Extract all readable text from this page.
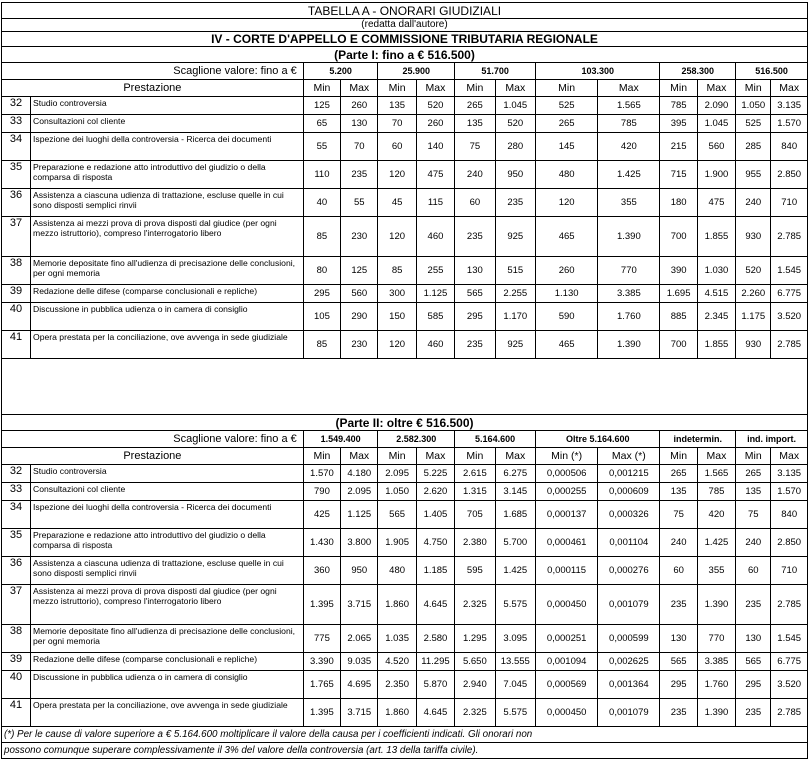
TABELLA A - ONORARI GIUDIZIALI													
(redatta dall'autore)													
IV - CORTE D'APPELLO E COMMISSIONE TRIBUTARIA REGIONALE													
(Parte I: fino a € 516.500)													
Scaglione valore: fino a €		5.200		25.900		51.700		103.300		258.300		516.500	
Prestazione		Min	Max	Min	Max	Min	Max	Min	Max	Min	Max	Min	Max
32	Studio controversia	125	260	135	520	265	1.045	525	1.565	785	2.090	1.050	3.135
33	Consultazioni col cliente	65	130	70	260	135	520	265	785	395	1.045	525	1.570
34	Ispezione dei luoghi della controversia - Ricerca dei documenti	55	70	60	140	75	280	145	420	215	560	285	840
35	Preparazione e redazione atto introduttivo del giudizio o della comparsa di risposta	110	235	120	475	240	950	480	1.425	715	1.900	955	2.850
36	Assistenza a ciascuna udienza di trattazione, escluse quelle in cui sono disposti semplici rinvii	40	55	45	115	60	235	120	355	180	475	240	710
37	Assistenza ai mezzi prova di prova disposti dal giudice (per ogni mezzo istruttorio), compreso l'interrogatorio libero	85	230	120	460	235	925	465	1.390	700	1.855	930	2.785
38	Memorie depositate fino all'udienza di precisazione delle conclusioni, per ogni memoria	80	125	85	255	130	515	260	770	390	1.030	520	1.545
39	Redazione delle difese (comparse conclusionali e repliche)	295	560	300	1.125	565	2.255	1.130	3.385	1.695	4.515	2.260	6.775
40	Discussione in pubblica udienza o in camera di consiglio	105	290	150	585	295	1.170	590	1.760	885	2.345	1.175	3.520
41	Opera prestata per la conciliazione, ove avvenga in sede giudiziale	85	230	120	460	235	925	465	1.390	700	1.855	930	2.785

(Parte II: oltre € 516.500)													
Scaglione valore: fino a €		1.549.400		2.582.300		5.164.600		Oltre 5.164.600		indetermin.		ind. import.	
Prestazione		Min	Max	Min	Max	Min	Max	Min (*)	Max (*)	Min	Max	Min	Max
32	Studio controversia	1.570	4.180	2.095	5.225	2.615	6.275	0,000506	0,001215	265	1.565	265	3.135
33	Consultazioni col cliente	790	2.095	1.050	2.620	1.315	3.145	0,000255	0,000609	135	785	135	1.570
34	Ispezione dei luoghi della controversia - Ricerca dei documenti	425	1.125	565	1.405	705	1.685	0,000137	0,000326	75	420	75	840
35	Preparazione e redazione atto introduttivo del giudizio o della comparsa di risposta	1.430	3.800	1.905	4.750	2.380	5.700	0,000461	0,001104	240	1.425	240	2.850
36	Assistenza a ciascuna udienza di trattazione, escluse quelle in cui sono disposti semplici rinvii	360	950	480	1.185	595	1.425	0,000115	0,000276	60	355	60	710
37	Assistenza ai mezzi prova di prova disposti dal giudice (per ogni mezzo istruttorio), compreso l'interrogatorio libero	1.395	3.715	1.860	4.645	2.325	5.575	0,000450	0,001079	235	1.390	235	2.785
38	Memorie depositate fino all'udienza di precisazione delle conclusioni, per ogni memoria	775	2.065	1.035	2.580	1.295	3.095	0,000251	0,000599	130	770	130	1.545
39	Redazione delle difese (comparse conclusionali e repliche)	3.390	9.035	4.520	11.295	5.650	13.555	0,001094	0,002625	565	3.385	565	6.775
40	Discussione in pubblica udienza o in camera di consiglio	1.765	4.695	2.350	5.870	2.940	7.045	0,000569	0,001364	295	1.760	295	3.520
41	Opera prestata per la conciliazione, ove avvenga in sede giudiziale	1.395	3.715	1.860	4.645	2.325	5.575	0,000450	0,001079	235	1.390	235	2.785
(*) Per le cause di valore superiore a € 5.164.600 moltiplicare il valore della causa per i coefficienti indicati. Gli onorari non													
possono comunque superare complessivamente il 3% del valore della controversia (art. 13 della tariffa civile).													
